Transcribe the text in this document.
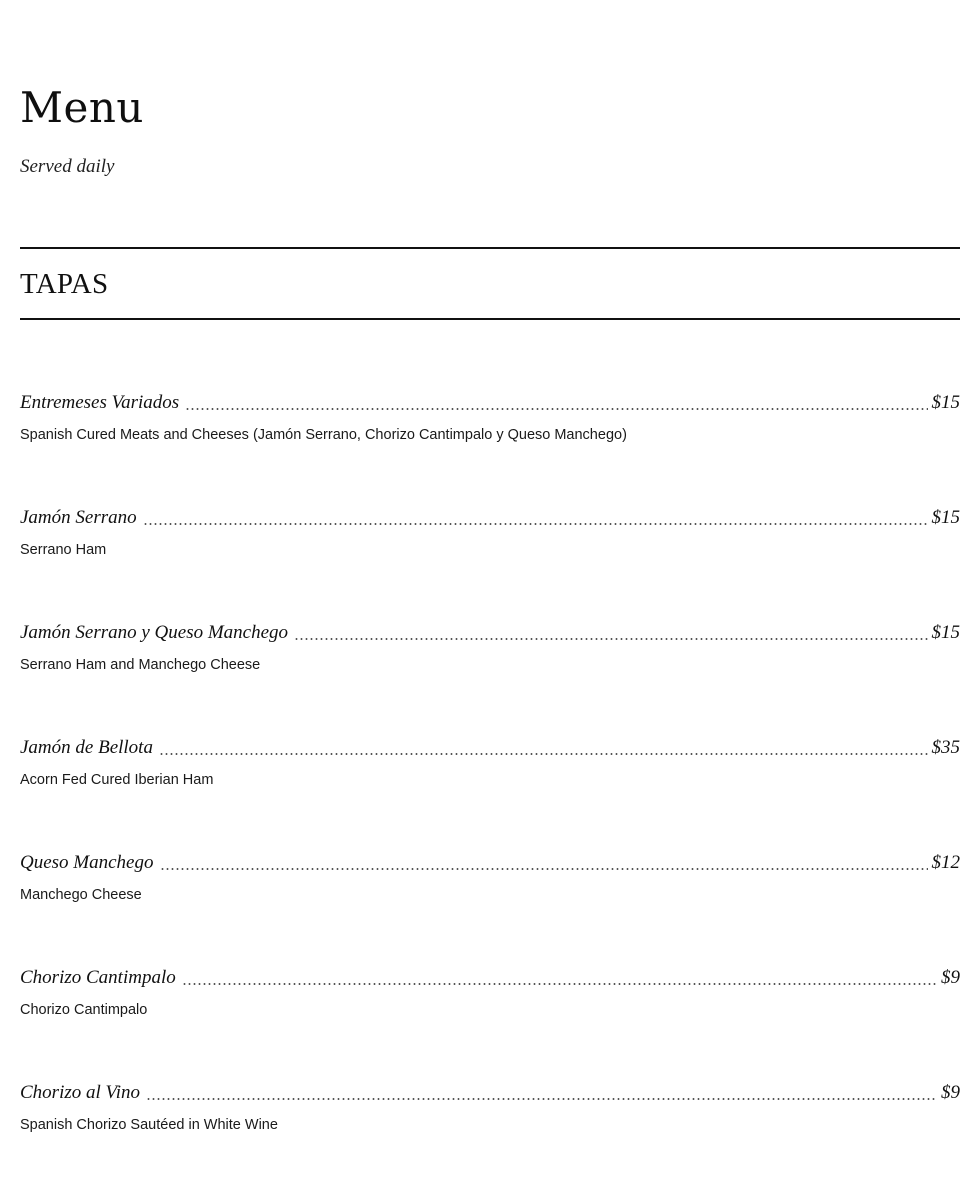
Menu

Served daily

TAPAS
Entremeses Variados	$15

Spanish Cured Meats and Cheeses (Jamón Serrano, Chorizo Cantimpalo y Queso Manchego)

Jamón Serrano	$15

Serrano Ham

Jamón Serrano y Queso Manchego	$15

Serrano Ham and Manchego Cheese

Jamón de Bellota	$35

Acorn Fed Cured Iberian Ham

Queso Manchego	$12

Manchego Cheese

Chorizo Cantimpalo	$9

Chorizo Cantimpalo

Chorizo al Vino	$9

Spanish Chorizo Sautéed in White Wine
